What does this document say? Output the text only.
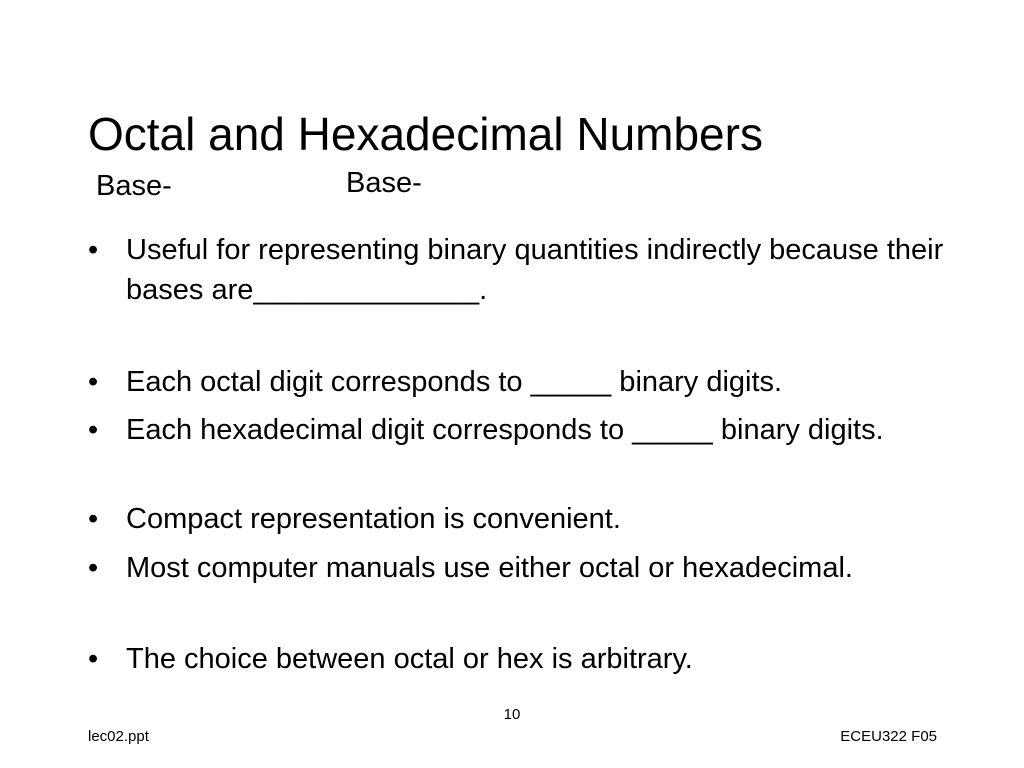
Octal and Hexadecimal Numbers
Base-	Base-
• Useful for representing binary quantities indirectly because their bases are______________.
• Each octal digit corresponds to _____ binary digits.
• Each hexadecimal digit corresponds to _____ binary digits.
• Compact representation is convenient.
• Most computer manuals use either octal or hexadecimal.
• The choice between octal or hex is arbitrary.
10
lec02.ppt	ECEU322 F05
